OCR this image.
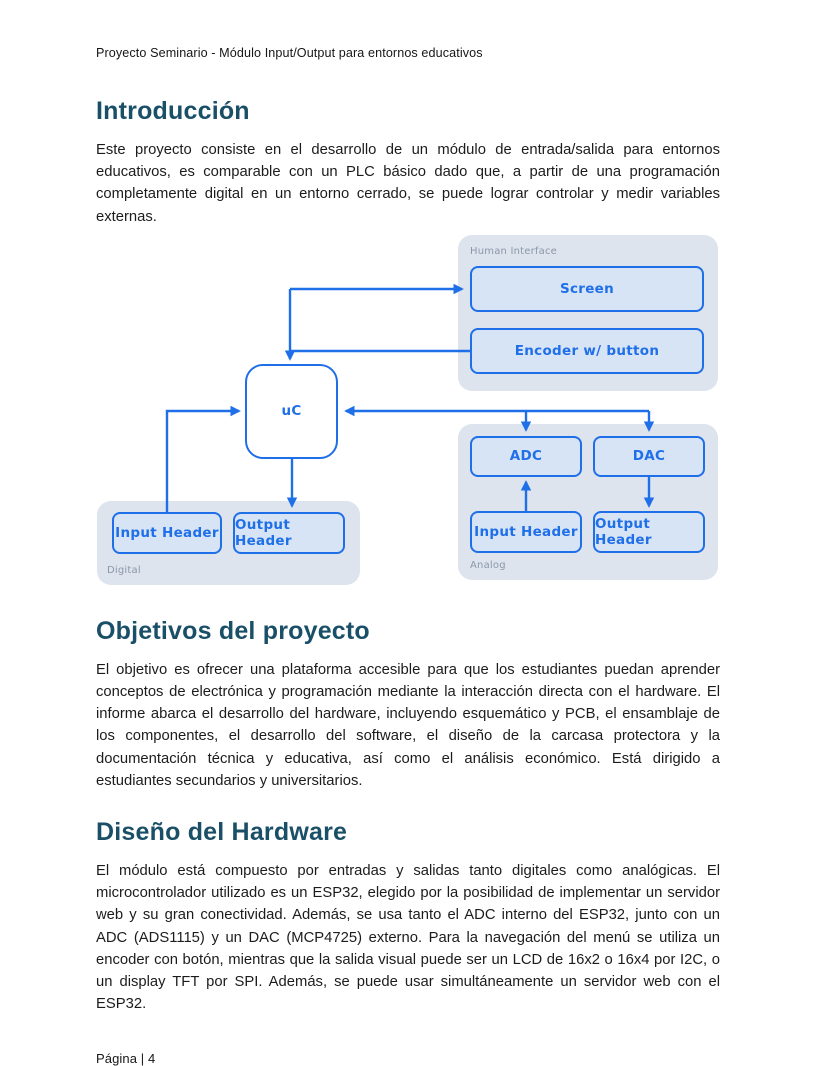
Proyecto Seminario - Módulo Input/Output para entornos educativos
Introducción

Este proyecto consiste en el desarrollo de un módulo de entrada/salida para entornos educativos, es comparable con un PLC básico dado que, a partir de una programación completamente digital en un entorno cerrado, se puede lograr controlar y medir variables externas.

Human Interface
Digital	Analog
Screen
Encoder w/ button
uC
Input Header Output Header
ADC	DAC
Input Header Output Header
Objetivos del proyecto

El objetivo es ofrecer una plataforma accesible para que los estudiantes puedan aprender conceptos de electrónica y programación mediante la interacción directa con el hardware. El informe abarca el desarrollo del hardware, incluyendo esquemático y PCB, el ensamblaje de los componentes, el desarrollo del software, el diseño de la carcasa protectora y la documentación técnica y educativa, así como el análisis económico. Está dirigido a estudiantes secundarios y universitarios.

Diseño del Hardware

El módulo está compuesto por entradas y salidas tanto digitales como analógicas. El microcontrolador utilizado es un ESP32, elegido por la posibilidad de implementar un servidor web y su gran conectividad. Además, se usa tanto el ADC interno del ESP32, junto con un ADC (ADS1115) y un DAC (MCP4725) externo. Para la navegación del menú se utiliza un encoder con botón, mientras que la salida visual puede ser un LCD de 16x2 o 16x4 por I2C, o un display TFT por SPI. Además, se puede usar simultáneamente un servidor web con el ESP32.

Página | 4
